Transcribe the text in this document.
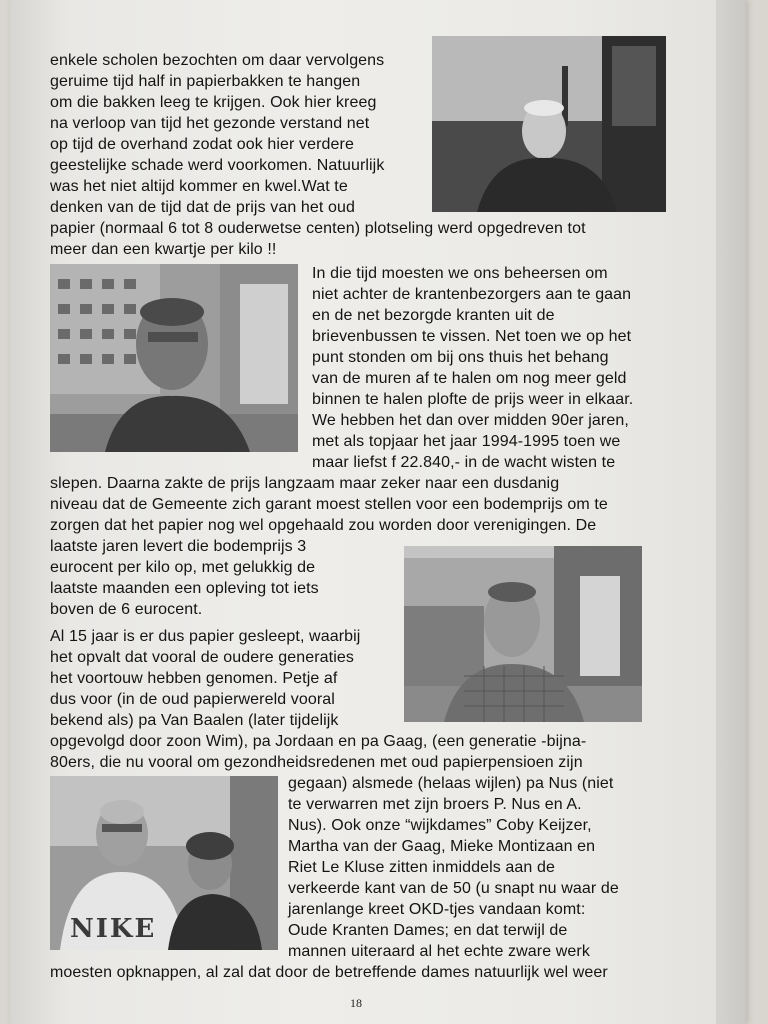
NIKE
enkele scholen bezochten om daar vervolgens
geruime tijd half in papierbakken te hangen
om die bakken leeg te krijgen. Ook hier kreeg
na verloop van tijd het gezonde verstand net
op tijd de overhand zodat ook hier verdere
geestelijke schade werd voorkomen. Natuurlijk
was het niet altijd kommer en kwel.Wat te
denken van de tijd dat de prijs van het oud
papier (normaal 6 tot 8 ouderwetse centen) plotseling werd opgedreven tot
meer dan een kwartje per kilo !!
In die tijd moesten we ons beheersen om
niet achter de krantenbezorgers aan te gaan
en de net bezorgde kranten uit de
brievenbussen te vissen. Net toen we op het
punt stonden om bij ons thuis het behang
van de muren af te halen om nog meer geld
binnen te halen plofte de prijs weer in elkaar.
We hebben het dan over midden 90er jaren,
met als topjaar het jaar 1994-1995 toen we
maar liefst f 22.840,- in de wacht wisten te
slepen. Daarna zakte de prijs langzaam maar zeker naar een dusdanig
niveau dat de Gemeente zich garant moest stellen voor een bodemprijs om te
zorgen dat het papier nog wel opgehaald zou worden door verenigingen. De
laatste jaren levert die bodemprijs 3
eurocent per kilo op, met gelukkig de
laatste maanden een opleving tot iets
boven de 6 eurocent.
Al 15 jaar is er dus papier gesleept, waarbij
het opvalt dat vooral de oudere generaties
het voortouw hebben genomen. Petje af
dus voor (in de oud papierwereld vooral
bekend als) pa Van Baalen (later tijdelijk
opgevolgd door zoon Wim), pa Jordaan en pa Gaag, (een generatie -bijna-
80ers, die nu vooral om gezondheidsredenen met oud papierpensioen zijn
gegaan) alsmede (helaas wijlen) pa Nus (niet
te verwarren met zijn broers P. Nus en A.
Nus). Ook onze “wijkdames” Coby Keijzer,
Martha van der Gaag, Mieke Montizaan en
Riet Le Kluse zitten inmiddels aan de
verkeerde kant van de 50 (u snapt nu waar de
jarenlange kreet OKD-tjes vandaan komt:
Oude Kranten Dames; en dat terwijl de
mannen uiteraard al het echte zware werk
moesten opknappen, al zal dat door de betreffende dames natuurlijk wel weer
18
